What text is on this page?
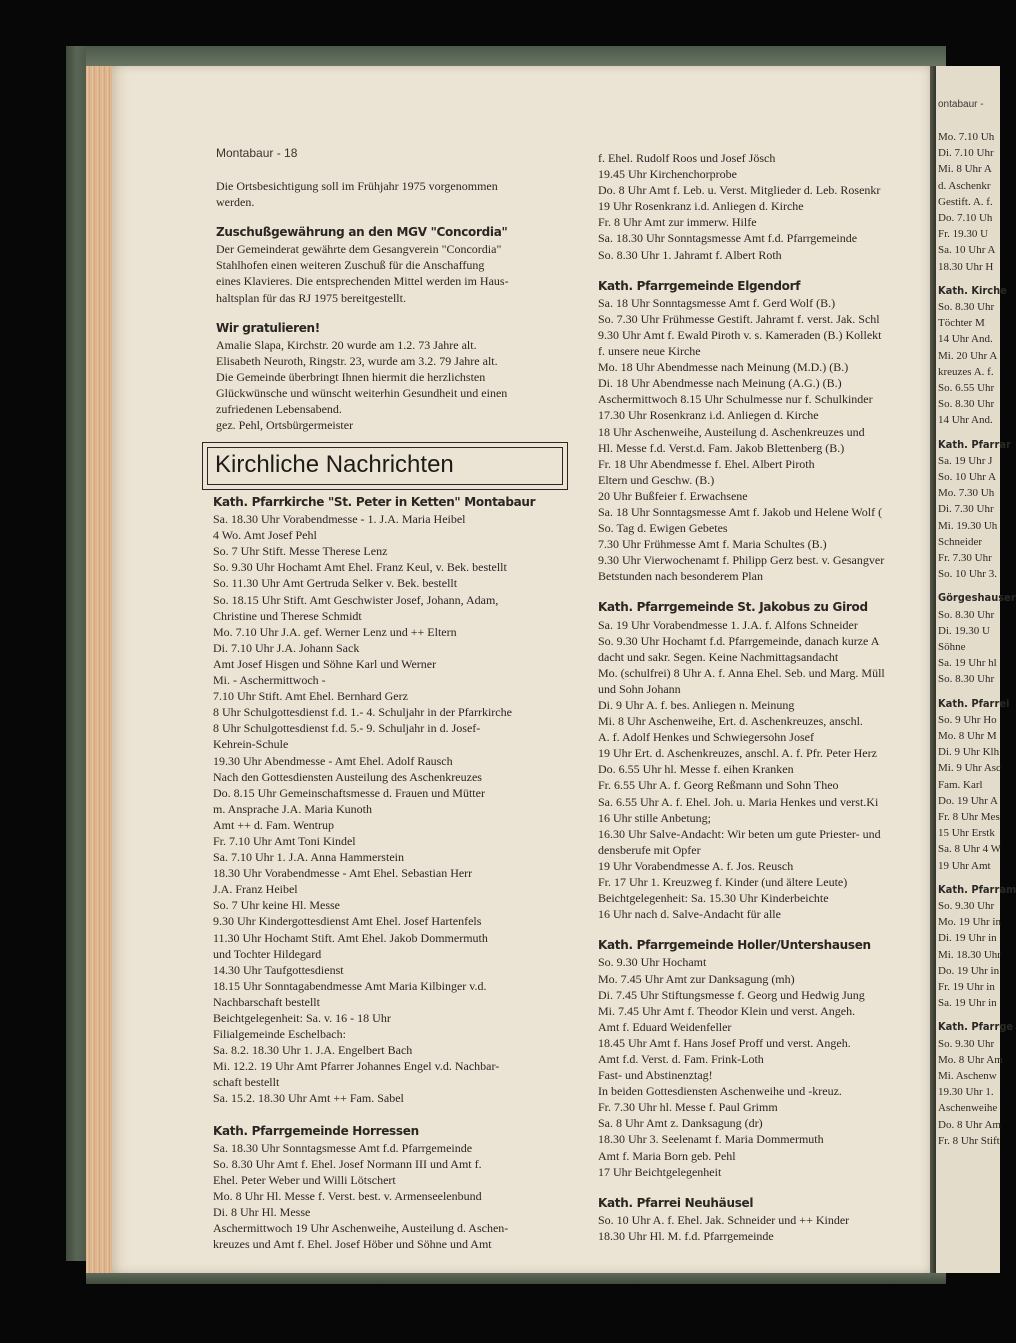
ontabaur -
Mo. 7.10 Uh
Di. 7.10 Uhr
Mi. 8 Uhr A
d. Aschenkr
Gestift. A. f.
Do. 7.10 Uh
Fr. 19.30 U
Sa. 10 Uhr A
18.30 Uhr H
Kath. Kirche
So. 8.30 Uhr
Töchter M
14 Uhr And.
Mi. 20 Uhr A
kreuzes A. f.
So. 6.55 Uhr
So. 8.30 Uhr
14 Uhr And.
Kath. Pfarrar
Sa. 19 Uhr J
So. 10 Uhr A
Mo. 7.30 Uh
Di. 7.30 Uhr
Mi. 19.30 Uh
Schneider
Fr. 7.30 Uhr
So. 10 Uhr 3.
Görgeshauser
So. 8.30 Uhr
Di. 19.30 U
Söhne
Sa. 19 Uhr hl
So. 8.30 Uhr
Kath. Pfarrei
So. 9 Uhr Ho
Mo. 8 Uhr M
Di. 9 Uhr Klh
Mi. 9 Uhr Asc
Fam. Karl
Do. 19 Uhr A
Fr. 8 Uhr Mes
15 Uhr Erstk
Sa. 8 Uhr 4 W
19 Uhr Amt
Kath. Pfarram
So. 9.30 Uhr
Mo. 19 Uhr in
Di. 19 Uhr in
Mi. 18.30 Uhr
Do. 19 Uhr in
Fr. 19 Uhr in
Sa. 19 Uhr in
Kath. Pfarrge
So. 9.30 Uhr
Mo. 8 Uhr Am
Mi. Aschenw
19.30 Uhr 1.
Aschenweihe
Do. 8 Uhr Am
Fr. 8 Uhr Stift
Montabaur - 18
Die Ortsbesichtigung soll im Frühjahr 1975 vorgenommen
werden.
Zuschußgewährung an den MGV "Concordia"
Der Gemeinderat gewährte dem Gesangverein "Concordia"
Stahlhofen einen weiteren Zuschuß für die Anschaffung
eines Klavieres. Die entsprechenden Mittel werden im Haus-
haltsplan für das RJ 1975 bereitgestellt.
Wir gratulieren!
Amalie Slapa, Kirchstr. 20 wurde am 1.2. 73 Jahre alt.
Elisabeth Neuroth, Ringstr. 23, wurde am 3.2. 79 Jahre alt.
Die Gemeinde überbringt Ihnen hiermit die herzlichsten
Glückwünsche und wünscht weiterhin Gesundheit und einen
zufriedenen Lebensabend.
gez. Pehl, Ortsbürgermeister
Kirchliche Nachrichten
Kath. Pfarrkirche "St. Peter in Ketten" Montabaur
Sa. 18.30 Uhr Vorabendmesse - 1. J.A. Maria Heibel
4 Wo. Amt Josef Pehl
So. 7 Uhr Stift. Messe Therese Lenz
So. 9.30 Uhr Hochamt Amt Ehel. Franz Keul, v. Bek. bestellt
So. 11.30 Uhr Amt Gertruda Selker v. Bek. bestellt
So. 18.15 Uhr Stift. Amt Geschwister Josef, Johann, Adam,
Christine und Therese Schmidt
Mo. 7.10 Uhr J.A. gef. Werner Lenz und ++ Eltern
Di. 7.10 Uhr J.A. Johann Sack
Amt Josef Hisgen und Söhne Karl und Werner
Mi. - Aschermittwoch -
7.10 Uhr Stift. Amt Ehel. Bernhard Gerz
8 Uhr Schulgottesdienst f.d. 1.- 4. Schuljahr in der Pfarrkirche
8 Uhr Schulgottesdienst f.d. 5.- 9. Schuljahr in d. Josef-
Kehrein-Schule
19.30 Uhr Abendmesse - Amt Ehel. Adolf Rausch
Nach den Gottesdiensten Austeilung des Aschenkreuzes
Do. 8.15 Uhr Gemeinschaftsmesse d. Frauen und Mütter
m. Ansprache J.A. Maria Kunoth
Amt ++ d. Fam. Wentrup
Fr. 7.10 Uhr Amt Toni Kindel
Sa. 7.10 Uhr 1. J.A. Anna Hammerstein
18.30 Uhr Vorabendmesse - Amt Ehel. Sebastian Herr
J.A. Franz Heibel
So. 7 Uhr keine Hl. Messe
9.30 Uhr Kindergottesdienst Amt Ehel. Josef Hartenfels
11.30 Uhr Hochamt Stift. Amt Ehel. Jakob Dommermuth
und Tochter Hildegard
14.30 Uhr Taufgottesdienst
18.15 Uhr Sonntagabendmesse Amt Maria Kilbinger v.d.
Nachbarschaft bestellt
Beichtgelegenheit: Sa. v. 16 - 18 Uhr
Filialgemeinde Eschelbach:
Sa. 8.2. 18.30 Uhr 1. J.A. Engelbert Bach
Mi. 12.2. 19 Uhr Amt Pfarrer Johannes Engel v.d. Nachbar-
schaft bestellt
Sa. 15.2. 18.30 Uhr Amt ++ Fam. Sabel
Kath. Pfarrgemeinde Horressen
Sa. 18.30 Uhr Sonntagsmesse Amt f.d. Pfarrgemeinde
So. 8.30 Uhr Amt f. Ehel. Josef Normann III und Amt f.
Ehel. Peter Weber und Willi Lötschert
Mo. 8 Uhr Hl. Messe f. Verst. best. v. Armenseelenbund
Di. 8 Uhr Hl. Messe
Aschermittwoch 19 Uhr Aschenweihe, Austeilung d. Aschen-
kreuzes und Amt f. Ehel. Josef Höber und Söhne und Amt
f. Ehel. Rudolf Roos und Josef Jösch
19.45 Uhr Kirchenchorprobe
Do. 8 Uhr Amt f. Leb. u. Verst. Mitglieder d. Leb. Rosenkr
19 Uhr Rosenkranz i.d. Anliegen d. Kirche
Fr. 8 Uhr Amt zur immerw. Hilfe
Sa. 18.30 Uhr Sonntagsmesse Amt f.d. Pfarrgemeinde
So. 8.30 Uhr 1. Jahramt f. Albert Roth
Kath. Pfarrgemeinde Elgendorf
Sa. 18 Uhr Sonntagsmesse Amt f. Gerd Wolf (B.)
So. 7.30 Uhr Frühmesse Gestift. Jahramt f. verst. Jak. Schl
9.30 Uhr Amt f. Ewald Piroth v. s. Kameraden (B.) Kollekt
f. unsere neue Kirche
Mo. 18 Uhr Abendmesse nach Meinung (M.D.) (B.)
Di. 18 Uhr Abendmesse nach Meinung (A.G.) (B.)
Aschermittwoch 8.15 Uhr Schulmesse nur f. Schulkinder
17.30 Uhr Rosenkranz i.d. Anliegen d. Kirche
18 Uhr Aschenweihe, Austeilung d. Aschenkreuzes und
Hl. Messe f.d. Verst.d. Fam. Jakob Blettenberg (B.)
Fr. 18 Uhr Abendmesse f. Ehel. Albert Piroth
Eltern und Geschw. (B.)
20 Uhr Bußfeier f. Erwachsene
Sa. 18 Uhr Sonntagsmesse Amt f. Jakob und Helene Wolf (
So. Tag d. Ewigen Gebetes
7.30 Uhr Frühmesse Amt f. Maria Schultes (B.)
9.30 Uhr Vierwochenamt f. Philipp Gerz best. v. Gesangver
Betstunden nach besonderem Plan
Kath. Pfarrgemeinde St. Jakobus zu Girod
Sa. 19 Uhr Vorabendmesse 1. J.A. f. Alfons Schneider
So. 9.30 Uhr Hochamt f.d. Pfarrgemeinde, danach kurze A
dacht und sakr. Segen. Keine Nachmittagsandacht
Mo. (schulfrei) 8 Uhr A. f. Anna Ehel. Seb. und Marg. Müll
und Sohn Johann
Di. 9 Uhr A. f. bes. Anliegen n. Meinung
Mi. 8 Uhr Aschenweihe, Ert. d. Aschenkreuzes, anschl.
A. f. Adolf Henkes und Schwiegersohn Josef
19 Uhr Ert. d. Aschenkreuzes, anschl. A. f. Pfr. Peter Herz
Do. 6.55 Uhr hl. Messe f. eihen Kranken
Fr. 6.55 Uhr A. f. Georg Reßmann und Sohn Theo
Sa. 6.55 Uhr A. f. Ehel. Joh. u. Maria Henkes und verst.Ki
16 Uhr stille Anbetung;
16.30 Uhr Salve-Andacht: Wir beten um gute Priester- und
densberufe mit Opfer
19 Uhr Vorabendmesse A. f. Jos. Reusch
Fr. 17 Uhr 1. Kreuzweg f. Kinder (und ältere Leute)
Beichtgelegenheit: Sa. 15.30 Uhr Kinderbeichte
16 Uhr nach d. Salve-Andacht für alle
Kath. Pfarrgemeinde Holler/Untershausen
So. 9.30 Uhr Hochamt
Mo. 7.45 Uhr Amt zur Danksagung (mh)
Di. 7.45 Uhr Stiftungsmesse f. Georg und Hedwig Jung
Mi. 7.45 Uhr Amt f. Theodor Klein und verst. Angeh.
Amt f. Eduard Weidenfeller
18.45 Uhr Amt f. Hans Josef Proff und verst. Angeh.
Amt f.d. Verst. d. Fam. Frink-Loth
Fast- und Abstinenztag!
In beiden Gottesdiensten Aschenweihe und -kreuz.
Fr. 7.30 Uhr hl. Messe f. Paul Grimm
Sa. 8 Uhr Amt z. Danksagung (dr)
18.30 Uhr 3. Seelenamt f. Maria Dommermuth
Amt f. Maria Born geb. Pehl
17 Uhr Beichtgelegenheit
Kath. Pfarrei Neuhäusel
So. 10 Uhr A. f. Ehel. Jak. Schneider und ++ Kinder
18.30 Uhr Hl. M. f.d. Pfarrgemeinde
